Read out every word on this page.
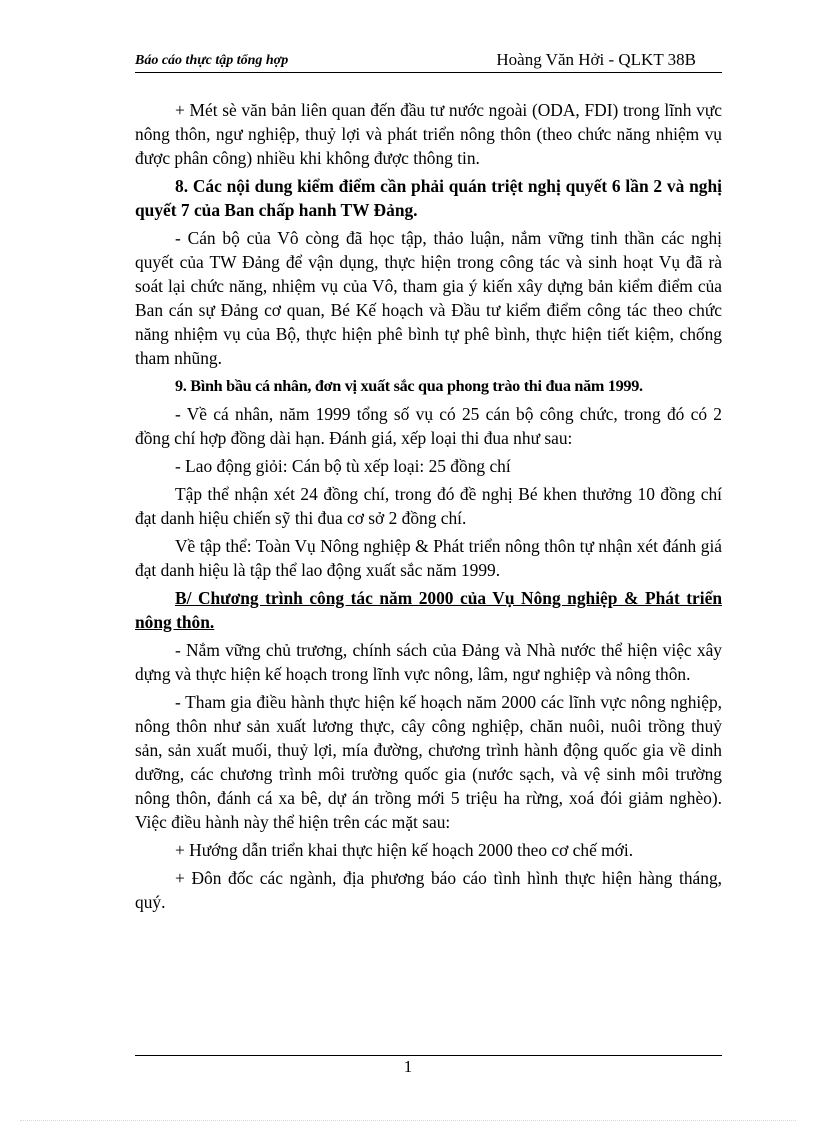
Báo cáo thực tập tổng hợp	Hoàng Văn Hởi - QLKT 38B

+ Mét sè văn bản liên quan đến đầu tư nước ngoài (ODA, FDI) trong lĩnh vực nông thôn, ngư nghiệp, thuỷ lợi và phát triển nông thôn (theo chức năng nhiệm vụ được phân công) nhiều khi không được thông tin.

8. Các nội dung kiểm điểm cần phải quán triệt nghị quyết 6 lần 2 và nghị quyết 7 của Ban chấp hanh TW Đảng.

- Cán bộ của Vô còng đã học tập, thảo luận, nắm vững tinh thần các nghị quyết của TW Đảng để vận dụng, thực hiện trong công tác và sinh hoạt Vụ đã rà soát lại chức năng, nhiệm vụ của Vô, tham gia ý kiến xây dựng bản kiểm điểm của Ban cán sự Đảng cơ quan, Bé Kế hoạch và Đầu tư kiểm điểm công tác theo chức năng nhiệm vụ của Bộ, thực hiện phê bình tự phê bình, thực hiện tiết kiệm, chống tham nhũng.

9. Bình bầu cá nhân, đơn vị xuất sắc qua phong trào thi đua năm 1999.

- Về cá nhân, năm 1999 tổng số vụ có 25 cán bộ công chức, trong đó có 2 đồng chí hợp đồng dài hạn. Đánh giá, xếp loại thi đua như sau:

- Lao động giỏi: Cán bộ tù xếp loại: 25 đồng chí

Tập thể nhận xét 24 đồng chí, trong đó đề nghị Bé khen thưởng 10 đồng chí đạt danh hiệu chiến sỹ thi đua cơ sở 2 đồng chí.

Về tập thể: Toàn Vụ Nông nghiệp & Phát triển nông thôn tự nhận xét đánh giá đạt danh hiệu là tập thể lao động xuất sắc năm 1999.

B/ Chương trình công tác năm 2000 của Vụ Nông nghiệp & Phát triển nông thôn.

- Nắm vững chủ trương, chính sách của Đảng và Nhà nước thể hiện việc xây dựng và thực hiện kế hoạch trong lĩnh vực nông, lâm, ngư nghiệp và nông thôn.

- Tham gia điều hành thực hiện kế hoạch năm 2000 các lĩnh vực nông nghiệp, nông thôn như sản xuất lương thực, cây công nghiệp, chăn nuôi, nuôi trồng thuỷ sản, sản xuất muối, thuỷ lợi, mía đường, chương trình hành động quốc gia về dinh dưỡng, các chương trình môi trường quốc gia (nước sạch, và vệ sinh môi trường nông thôn, đánh cá xa bê, dự án trồng mới 5 triệu ha rừng, xoá đói giảm nghèo). Việc điều hành này thể hiện trên các mặt sau:

+ Hướng dẫn triển khai thực hiện kế hoạch 2000 theo cơ chế mới.

+ Đôn đốc các ngành, địa phương báo cáo tình hình thực hiện hàng tháng, quý.

1
